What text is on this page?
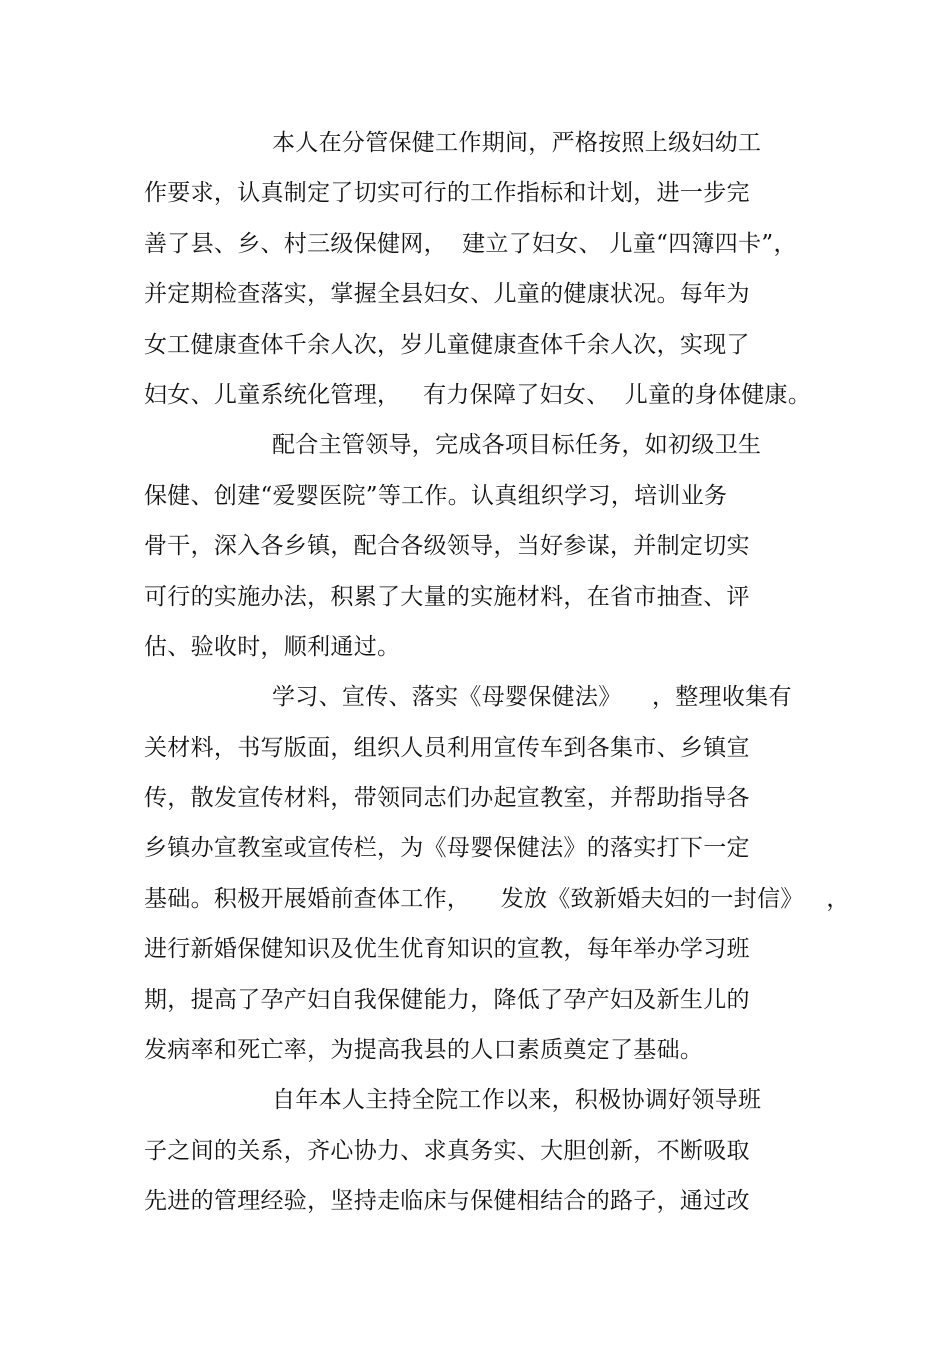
本人在分管保健工作期间，严格按照上级妇幼工
作要求，认真制定了切实可行的工作指标和计划，进一步完
善了县、乡、村三级保健网，  建立了妇女、 儿童“四簿四卡”，
并定期检查落实，掌握全县妇女、儿童的健康状况。每年为
女工健康查体千余人次，岁儿童健康查体千余人次，实现了
妇女、儿童系统化管理，   有力保障了妇女、  儿童的身体健康。
配合主管领导，完成各项目标任务，如初级卫生
保健、创建“爱婴医院”等工作。认真组织学习，培训业务
骨干，深入各乡镇，配合各级领导，当好参谋，并制定切实
可行的实施办法，积累了大量的实施材料，在省市抽查、评
估、验收时，顺利通过。
学习、宣传、落实《母婴保健法》    ，整理收集有
关材料，书写版面，组织人员利用宣传车到各集市、乡镇宣
传，散发宣传材料，带领同志们办起宣教室，并帮助指导各
乡镇办宣教室或宣传栏，为《母婴保健法》的落实打下一定
基础。积极开展婚前查体工作，    发放《致新婚夫妇的一封信》   ，
进行新婚保健知识及优生优育知识的宣教，每年举办学习班
期，提高了孕产妇自我保健能力，降低了孕产妇及新生儿的
发病率和死亡率，为提高我县的人口素质奠定了基础。
自年本人主持全院工作以来，积极协调好领导班
子之间的关系，齐心协力、求真务实、大胆创新，不断吸取
先进的管理经验，坚持走临床与保健相结合的路子，通过改
